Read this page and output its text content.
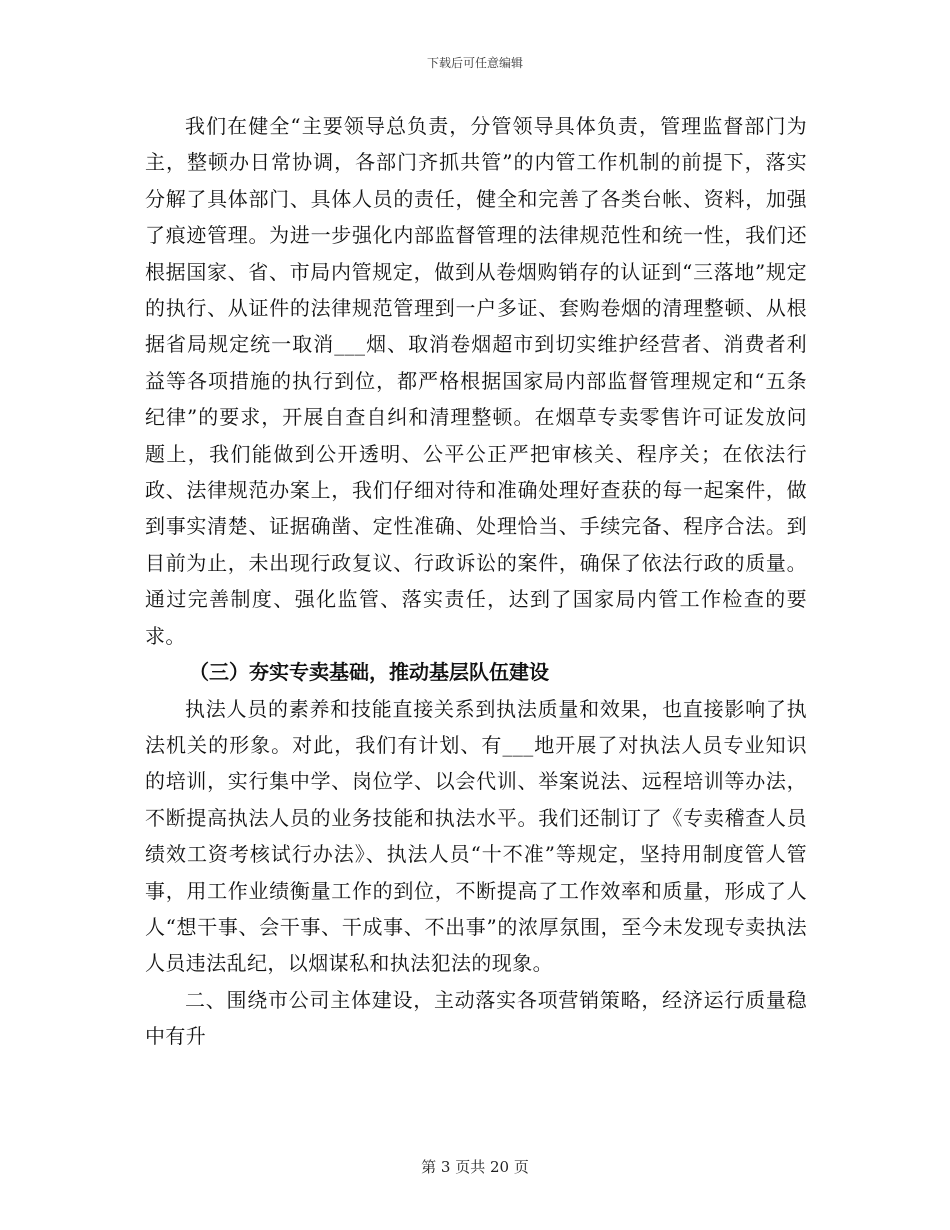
下载后可任意编辑

我们在健全“主要领导总负责，分管领导具体负责，管理监督部门为主，整顿办日常协调，各部门齐抓共管”的内管工作机制的前提下，落实分解了具体部门、具体人员的责任，健全和完善了各类台帐、资料，加强了痕迹管理。为进一步强化内部监督管理的法律规范性和统一性，我们还根据国家、省、市局内管规定，做到从卷烟购销存的认证到“三落地”规定的执行、从证件的法律规范管理到一户多证、套购卷烟的清理整顿、从根据省局规定统一取消___烟、取消卷烟超市到切实维护经营者、消费者利益等各项措施的执行到位，都严格根据国家局内部监督管理规定和“五条纪律”的要求，开展自查自纠和清理整顿。在烟草专卖零售许可证发放问题上，我们能做到公开透明、公平公正严把审核关、程序关；在依法行政、法律规范办案上，我们仔细对待和准确处理好查获的每一起案件，做到事实清楚、证据确凿、定性准确、处理恰当、手续完备、程序合法。到目前为止，未出现行政复议、行政诉讼的案件，确保了依法行政的质量。通过完善制度、强化监管、落实责任，达到了国家局内管工作检查的要求。

（三）夯实专卖基础，推动基层队伍建设

执法人员的素养和技能直接关系到执法质量和效果，也直接影响了执法机关的形象。对此，我们有计划、有___地开展了对执法人员专业知识的培训，实行集中学、岗位学、以会代训、举案说法、远程培训等办法，不断提高执法人员的业务技能和执法水平。我们还制订了《专卖稽查人员绩效工资考核试行办法》、执法人员“十不准”等规定，坚持用制度管人管事，用工作业绩衡量工作的到位，不断提高了工作效率和质量，形成了人人“想干事、会干事、干成事、不出事”的浓厚氛围，至今未发现专卖执法人员违法乱纪，以烟谋私和执法犯法的现象。

二、围绕市公司主体建设，主动落实各项营销策略，经济运行质量稳中有升

第 3 页共 20 页
